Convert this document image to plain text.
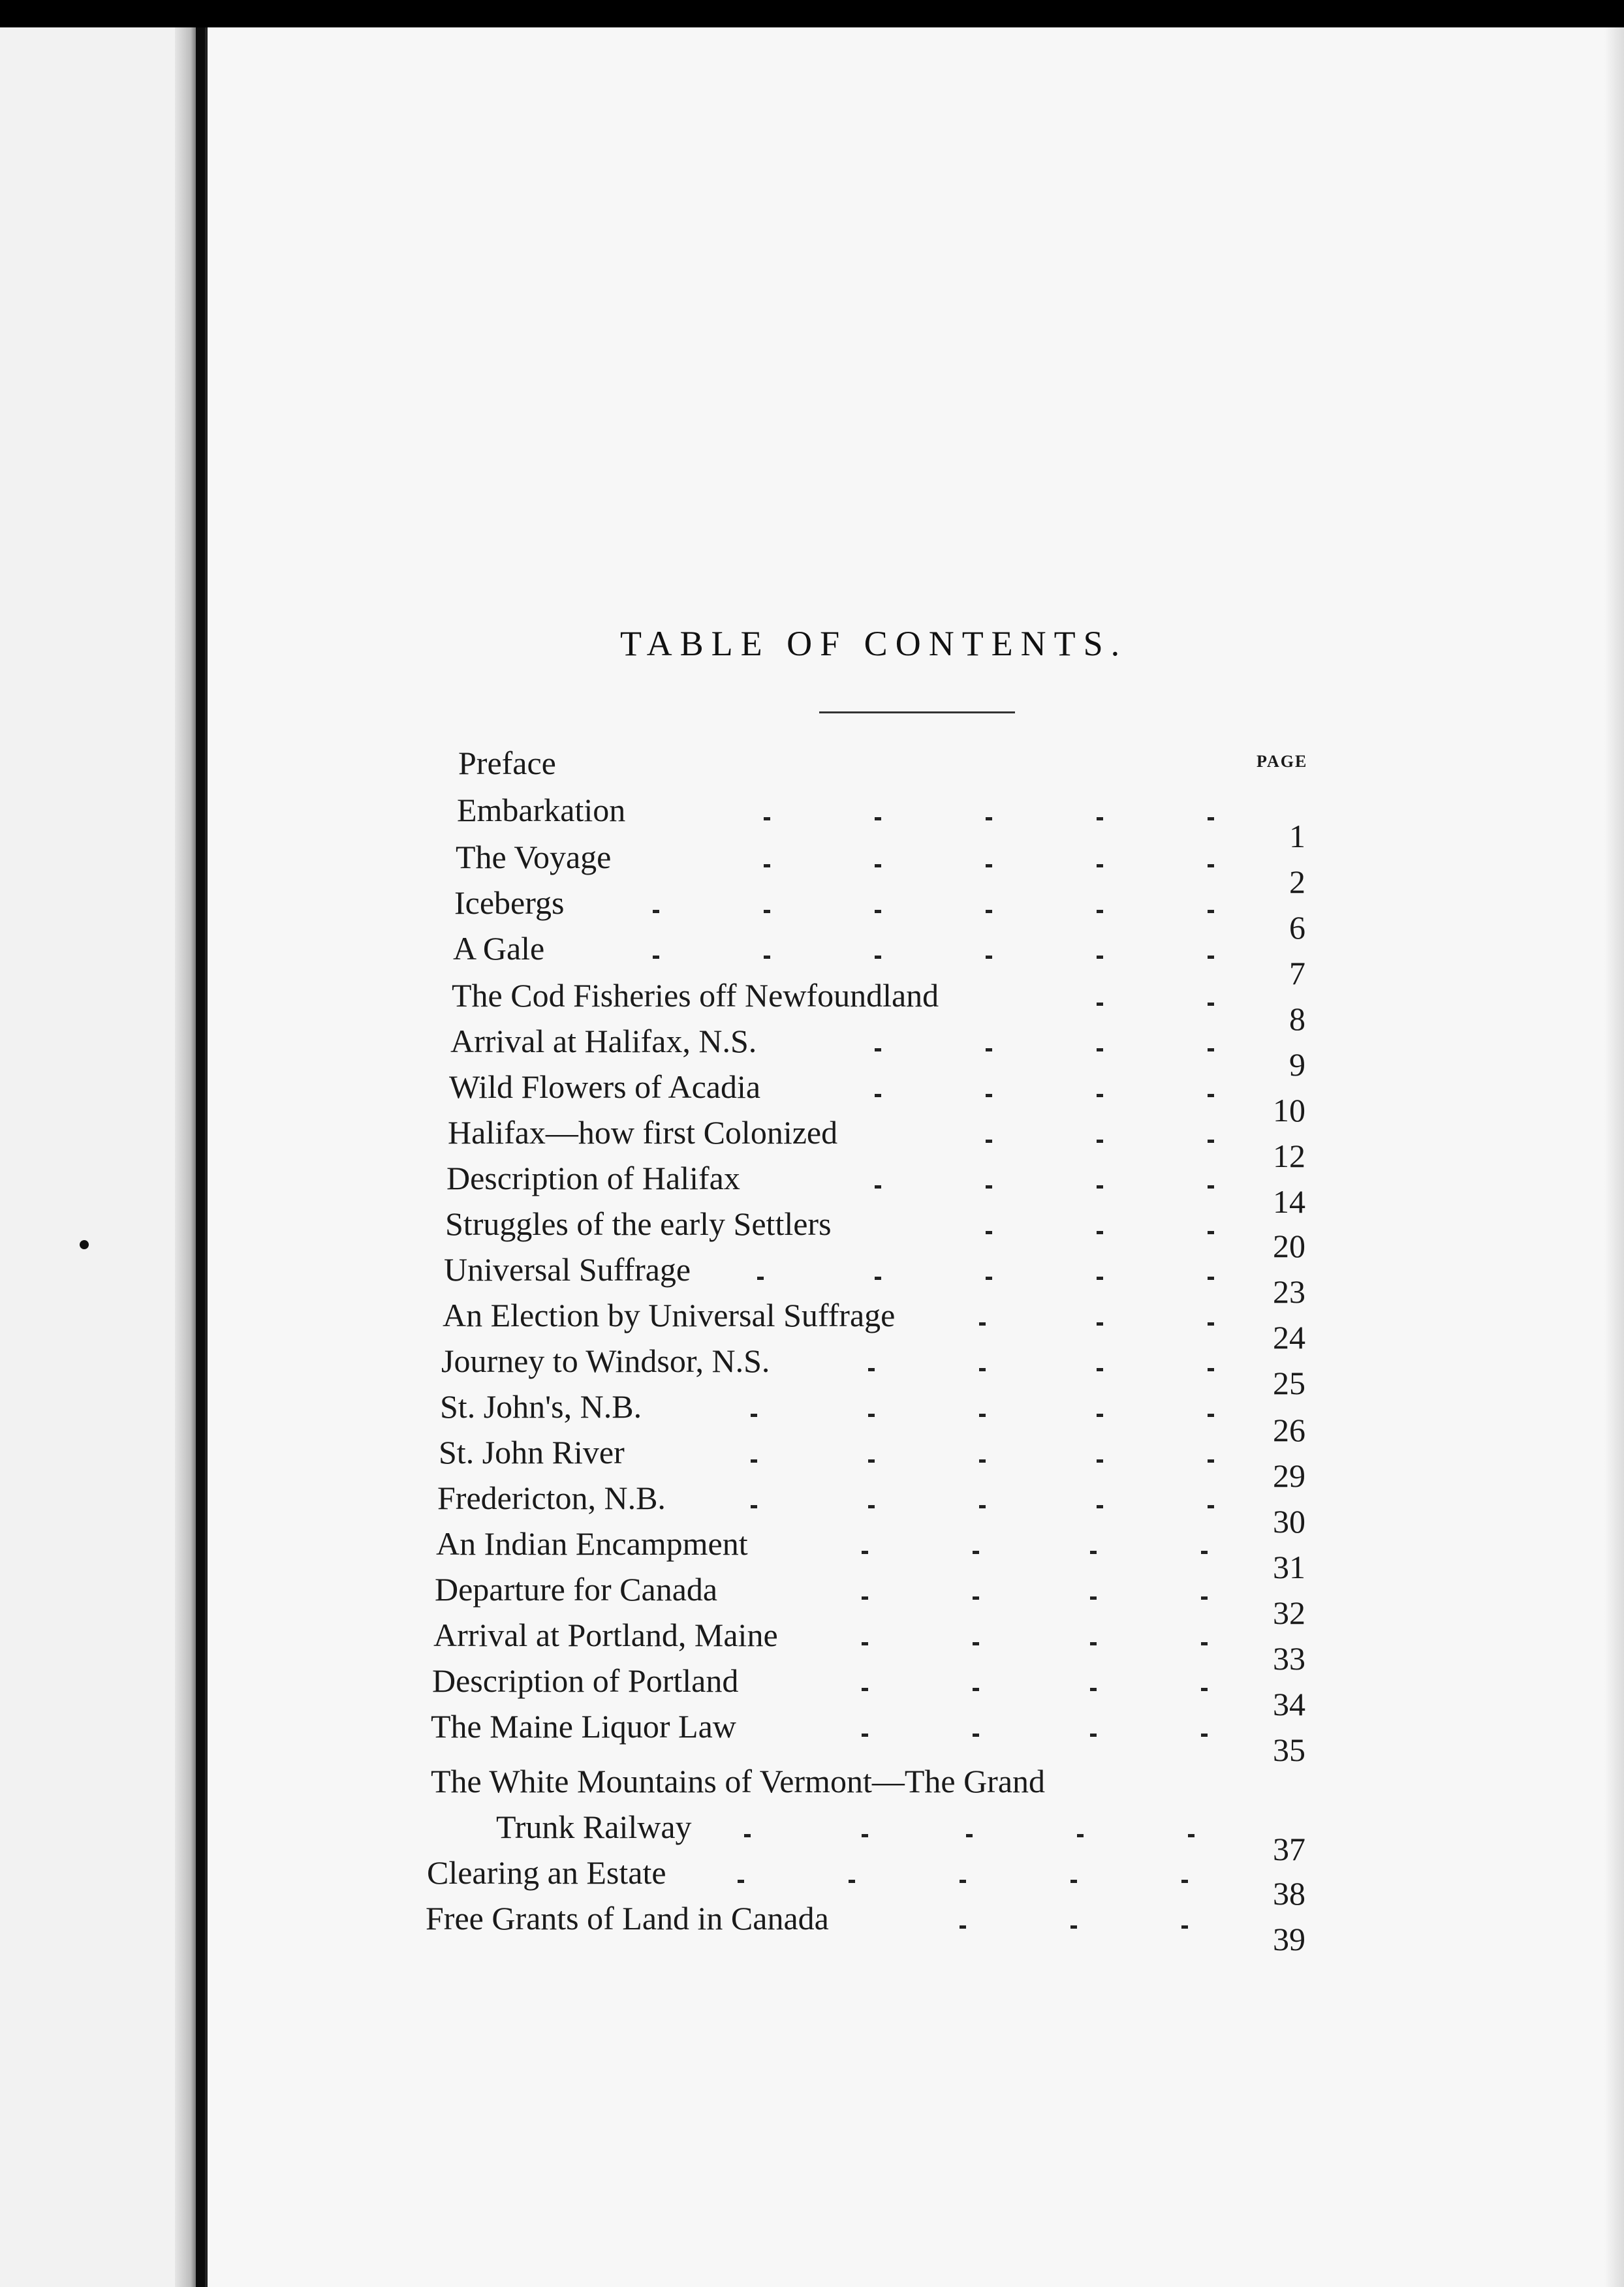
TABLE OF CONTENTS.
PAGE
Preface
Embarkation
1
The Voyage
2
Icebergs
6
A Gale
7
The Cod Fisheries off Newfoundland
8
Arrival at Halifax, N.S.
9
Wild Flowers of Acadia
10
Halifax—how first Colonized
12
Description of Halifax
14
Struggles of the early Settlers
20
Universal Suffrage
23
An Election by Universal Suffrage
24
Journey to Windsor, N.S.
25
St. John's, N.B.
26
St. John River
29
Fredericton, N.B.
30
An Indian Encampment
31
Departure for Canada
32
Arrival at Portland, Maine
33
Description of Portland
34
The Maine Liquor Law
35
The White Mountains of Vermont—The Grand
Trunk Railway
37
Clearing an Estate
38
Free Grants of Land in Canada
39
